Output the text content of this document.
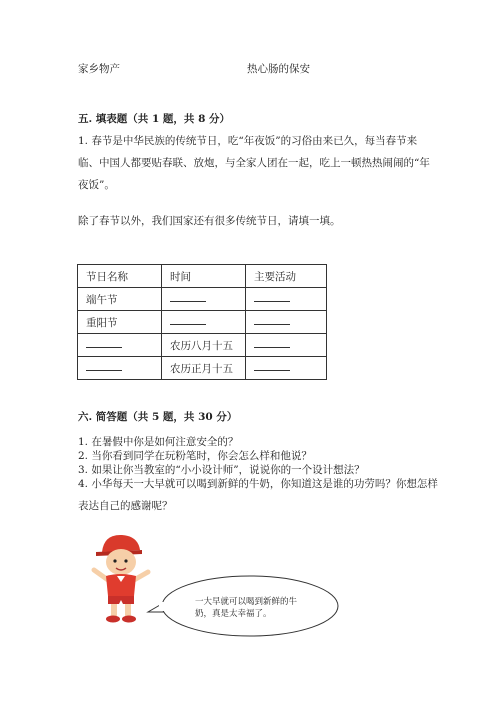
家乡物产	热心肠的保安
五. 填表题（共 1 题，共 8 分）
1. 春节是中华民族的传统节日，吃“年夜饭”的习俗由来已久，每当春节来临、中国人都要贴春联、放炮，与全家人团在一起，吃上一顿热热闹闹的“年夜饭”。
除了春节以外，我们国家还有很多传统节日，请填一填。
节日名称	时间	主要活动
端午节		
重阳节		
	农历八月十五	
	农历正月十五	
六. 简答题（共 5 题，共 30 分）
1. 在暑假中你是如何注意安全的？
2. 当你看到同学在玩粉笔时，你会怎么样和他说？
3. 如果让你当教室的“小小设计师”，说说你的一个设计想法？
4. 小华每天一大早就可以喝到新鲜的牛奶，你知道这是谁的功劳吗？你想怎样
表达自己的感谢呢？
一大早就可以喝到新鲜的牛奶，真是太幸福了。
